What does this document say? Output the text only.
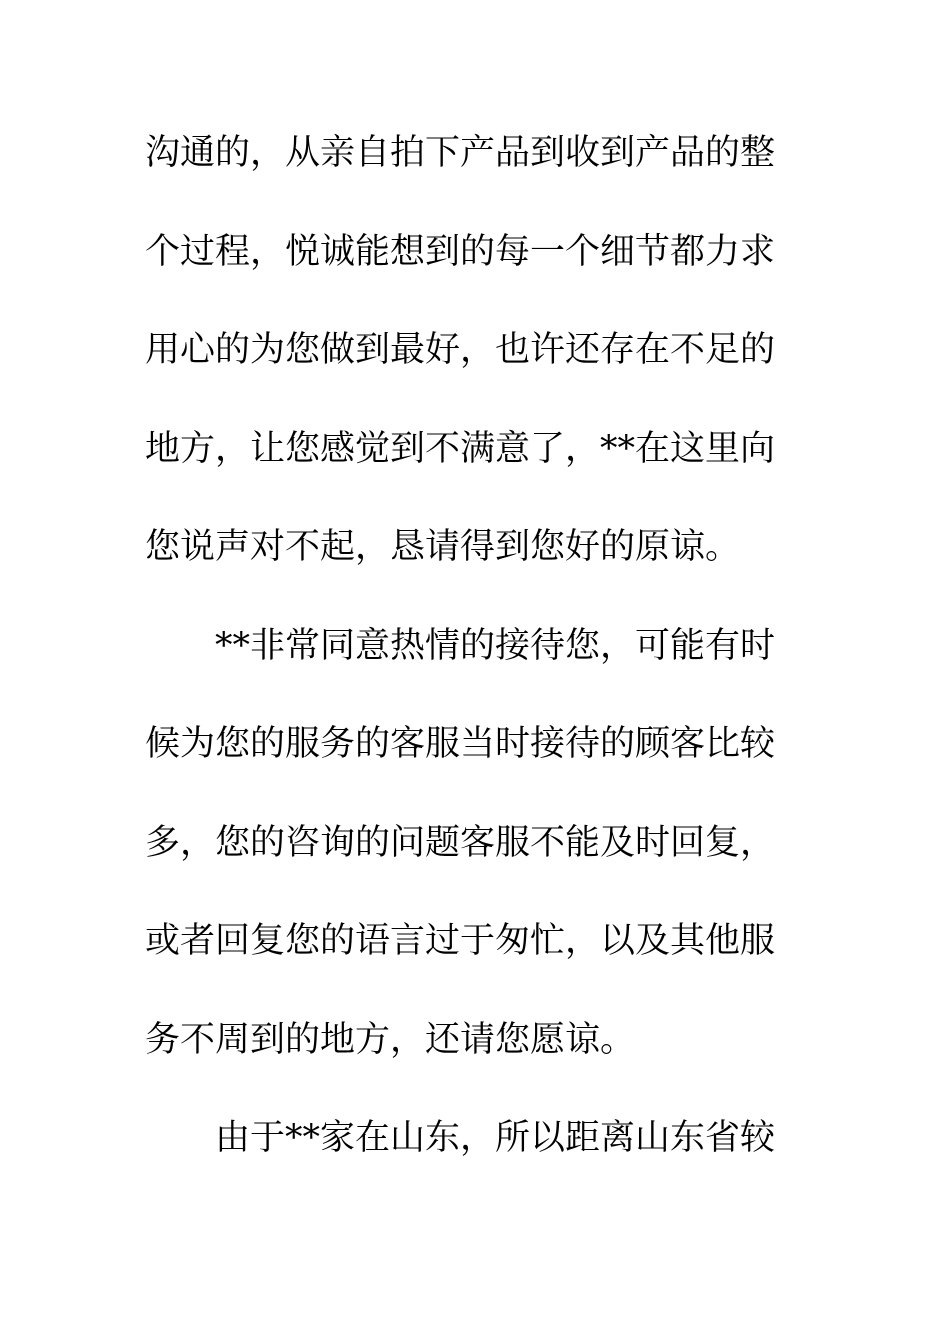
沟通的，从亲自拍下产品到收到产品的整
个过程，悦诚能想到的每一个细节都力求
用心的为您做到最好，也许还存在不足的
地方，让您感觉到不满意了，**在这里向
您说声对不起，恳请得到您好的原谅。
**非常同意热情的接待您，可能有时
候为您的服务的客服当时接待的顾客比较
多，您的咨询的问题客服不能及时回复，
或者回复您的语言过于匆忙，以及其他服
务不周到的地方，还请您愿谅。
由于**家在山东，所以距离山东省较
